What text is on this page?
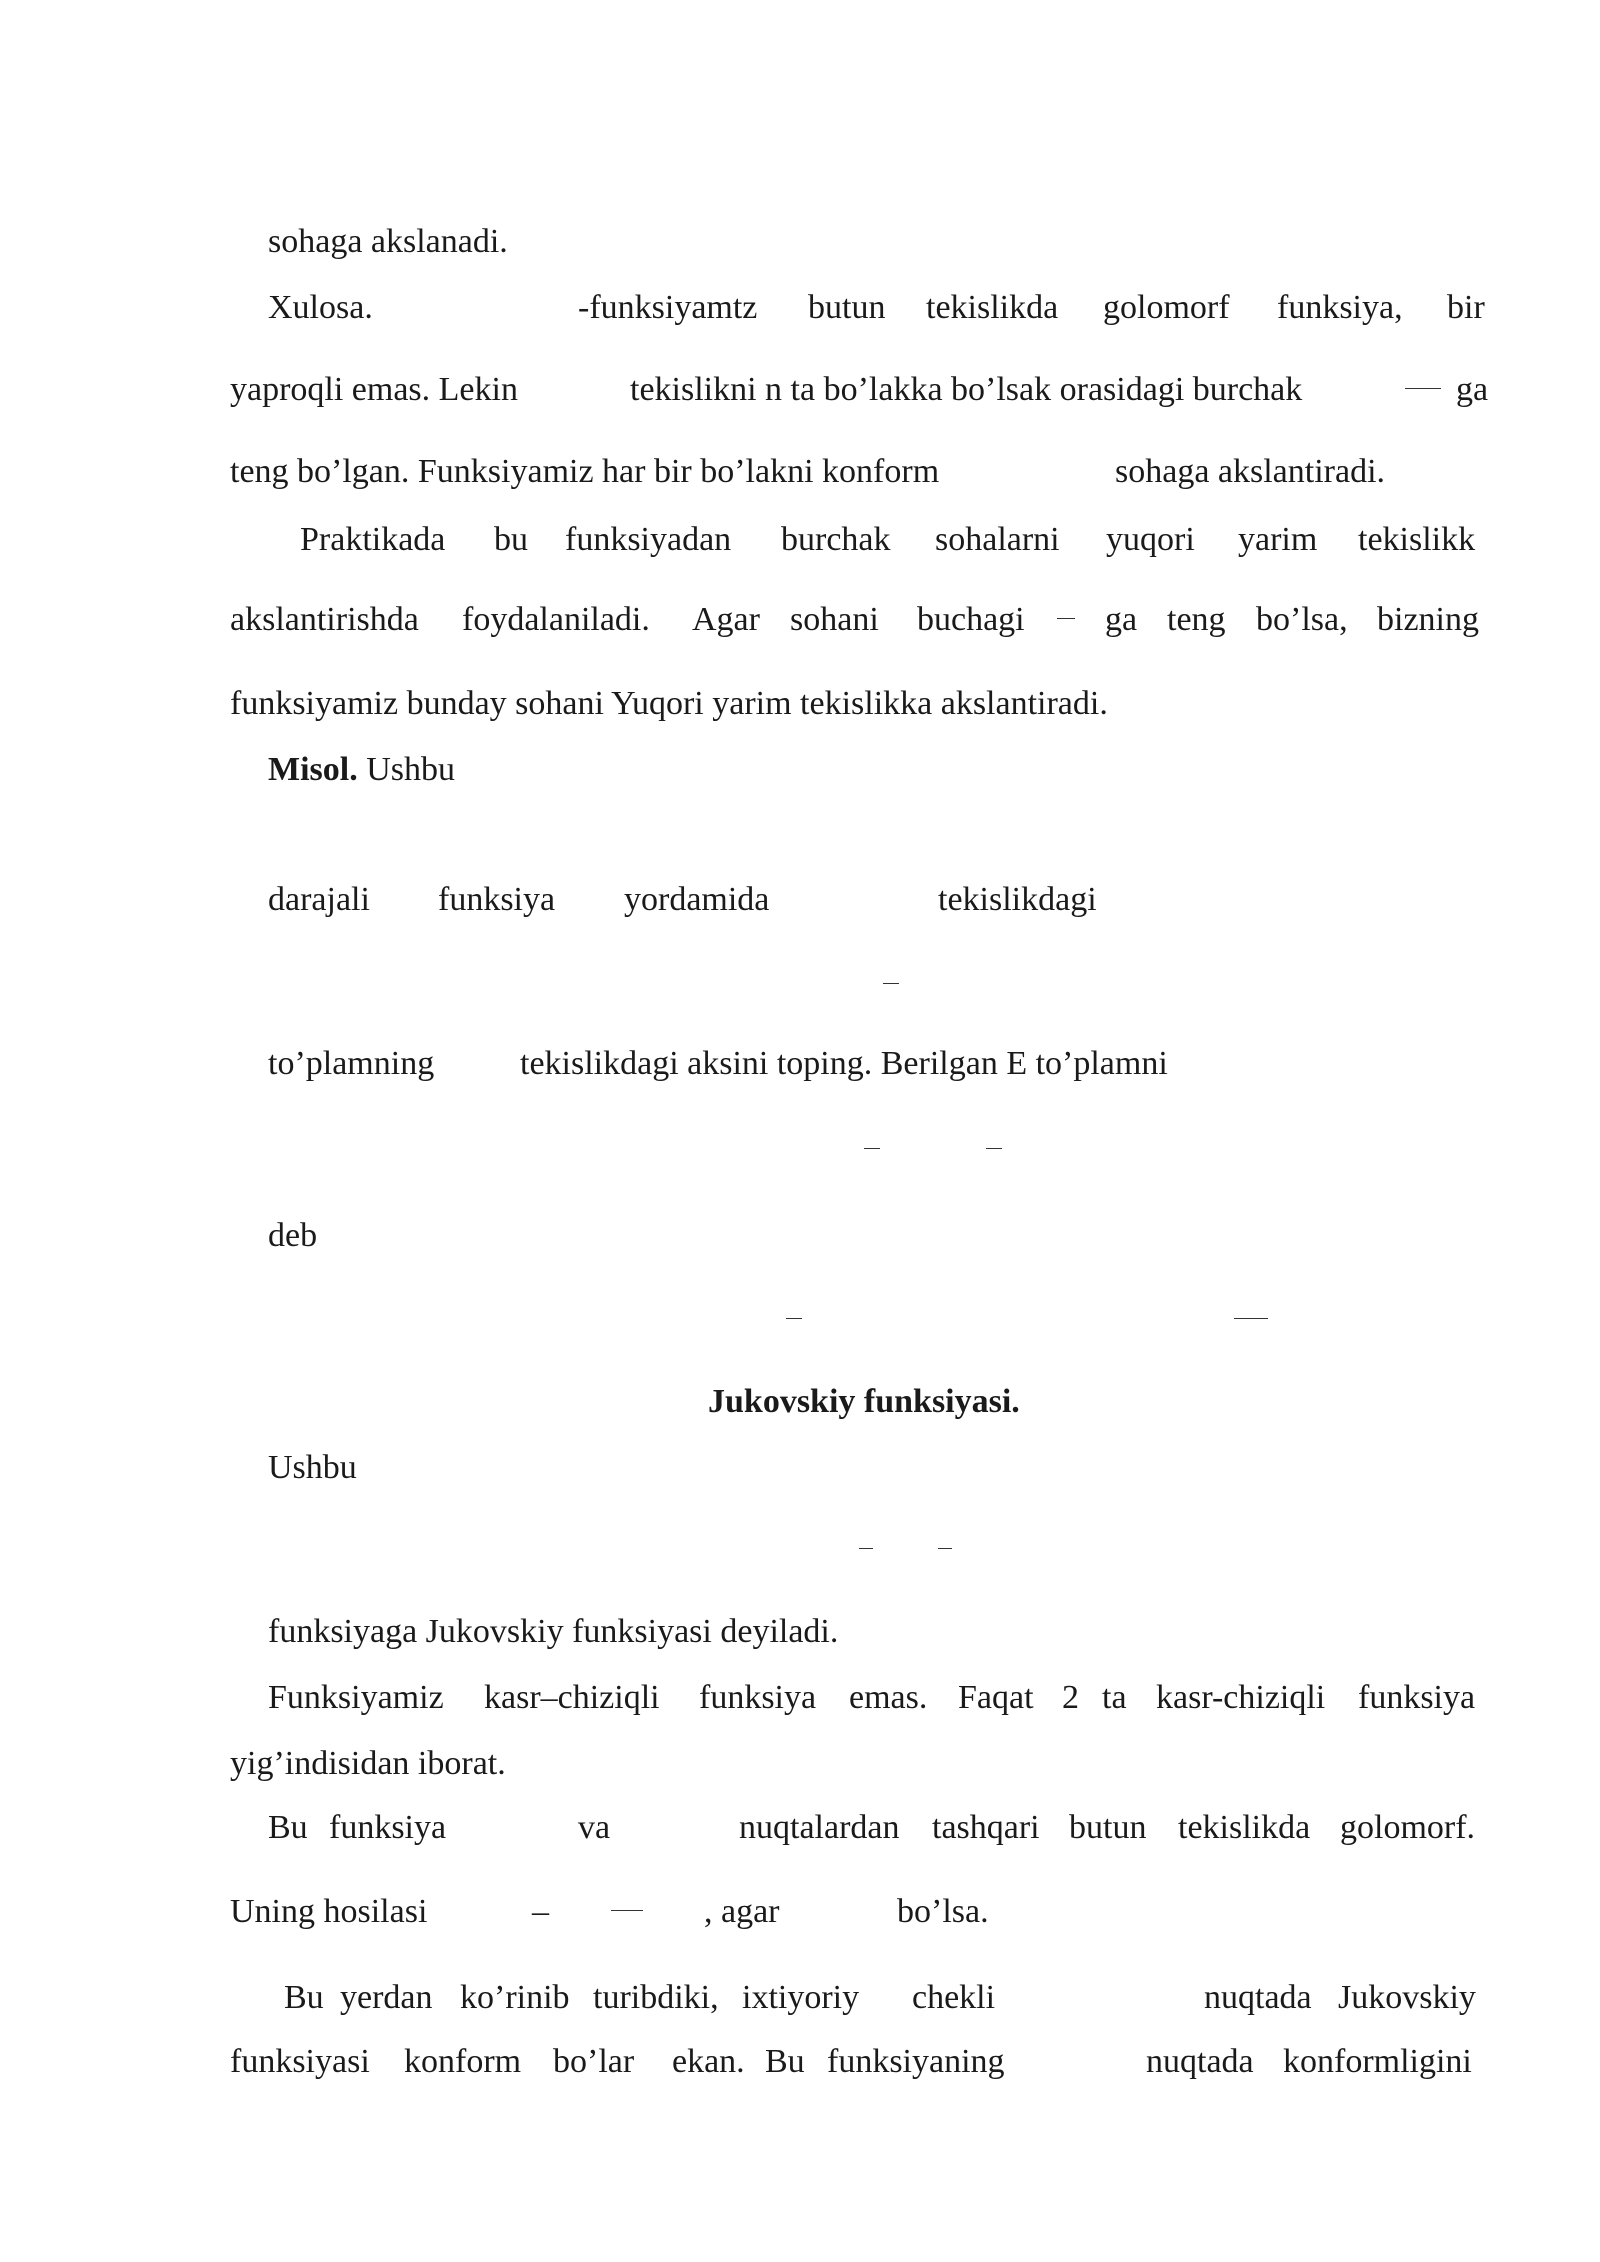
sohaga akslanadi.
Xulosa.	-funksiyamtz butun tekislikda golomorf funksiya, bir
yaproqli emas. Lekin	tekislikni n ta bo’lakka bo’lsak orasidagi burchak	ga
teng bo’lgan. Funksiyamiz har bir bo’lakni konform	sohaga akslantiradi.
Praktikada bu funksiyadan burchak sohalarni yuqori yarim tekislikk
akslantirishda foydalaniladi. Agar sohani buchagi ga teng bo’lsa, bizning
funksiyamiz bunday sohani Yuqori yarim tekislikka akslantiradi.
Misol. Ushbu
darajali funksiya yordamida	tekislikdagi
to’plamning	tekislikdagi aksini toping. Berilgan E to’plamni
deb
Jukovskiy funksiyasi.
Ushbu
funksiyaga Jukovskiy funksiyasi deyiladi.
Funksiyamiz kasr–chiziqli funksiya emas. Faqat 2 ta kasr-chiziqli funksiya
yig’indisidan iborat.
Bu funksiya	va	nuqtalardan tashqari butun tekislikda golomorf.
Uning hosilasi	–	, agar	bo’lsa.
Bu yerdan ko’rinib turibdiki, ixtiyoriy chekli	nuqtada Jukovskiy
funksiyasi konform bo’lar ekan. Bu funksiyaning	nuqtada konformligini
